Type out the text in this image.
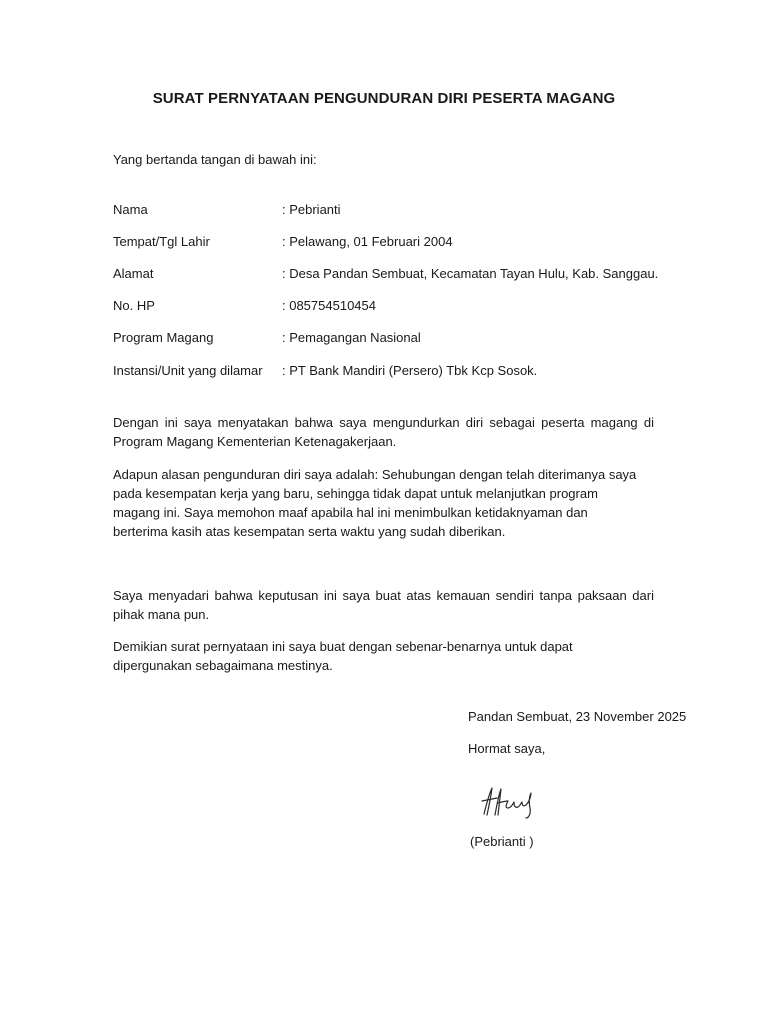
SURAT PERNYATAAN PENGUNDURAN DIRI PESERTA MAGANG
Yang bertanda tangan di bawah ini:
Nama	: Pebrianti
Tempat/Tgl Lahir	: Pelawang, 01 Februari 2004
Alamat	: Desa Pandan Sembuat, Kecamatan Tayan Hulu, Kab. Sanggau.
No. HP	: 085754510454
Program Magang	: Pemagangan Nasional
Instansi/Unit yang dilamar : PT Bank Mandiri (Persero) Tbk Kcp Sosok.
Dengan ini saya menyatakan bahwa saya mengundurkan diri sebagai peserta magang di
Program Magang Kementerian Ketenagakerjaan.
Adapun alasan pengunduran diri saya adalah: Sehubungan dengan telah diterimanya saya
pada kesempatan kerja yang baru, sehingga tidak dapat untuk melanjutkan program
magang ini. Saya memohon maaf apabila hal ini menimbulkan ketidaknyaman dan
berterima kasih atas kesempatan serta waktu yang sudah diberikan.
Saya menyadari bahwa keputusan ini saya buat atas kemauan sendiri tanpa paksaan dari
pihak mana pun.
Demikian surat pernyataan ini saya buat dengan sebenar-benarnya untuk dapat
dipergunakan sebagaimana mestinya.
Pandan Sembuat, 23 November 2025
Hormat saya,
(Pebrianti )
